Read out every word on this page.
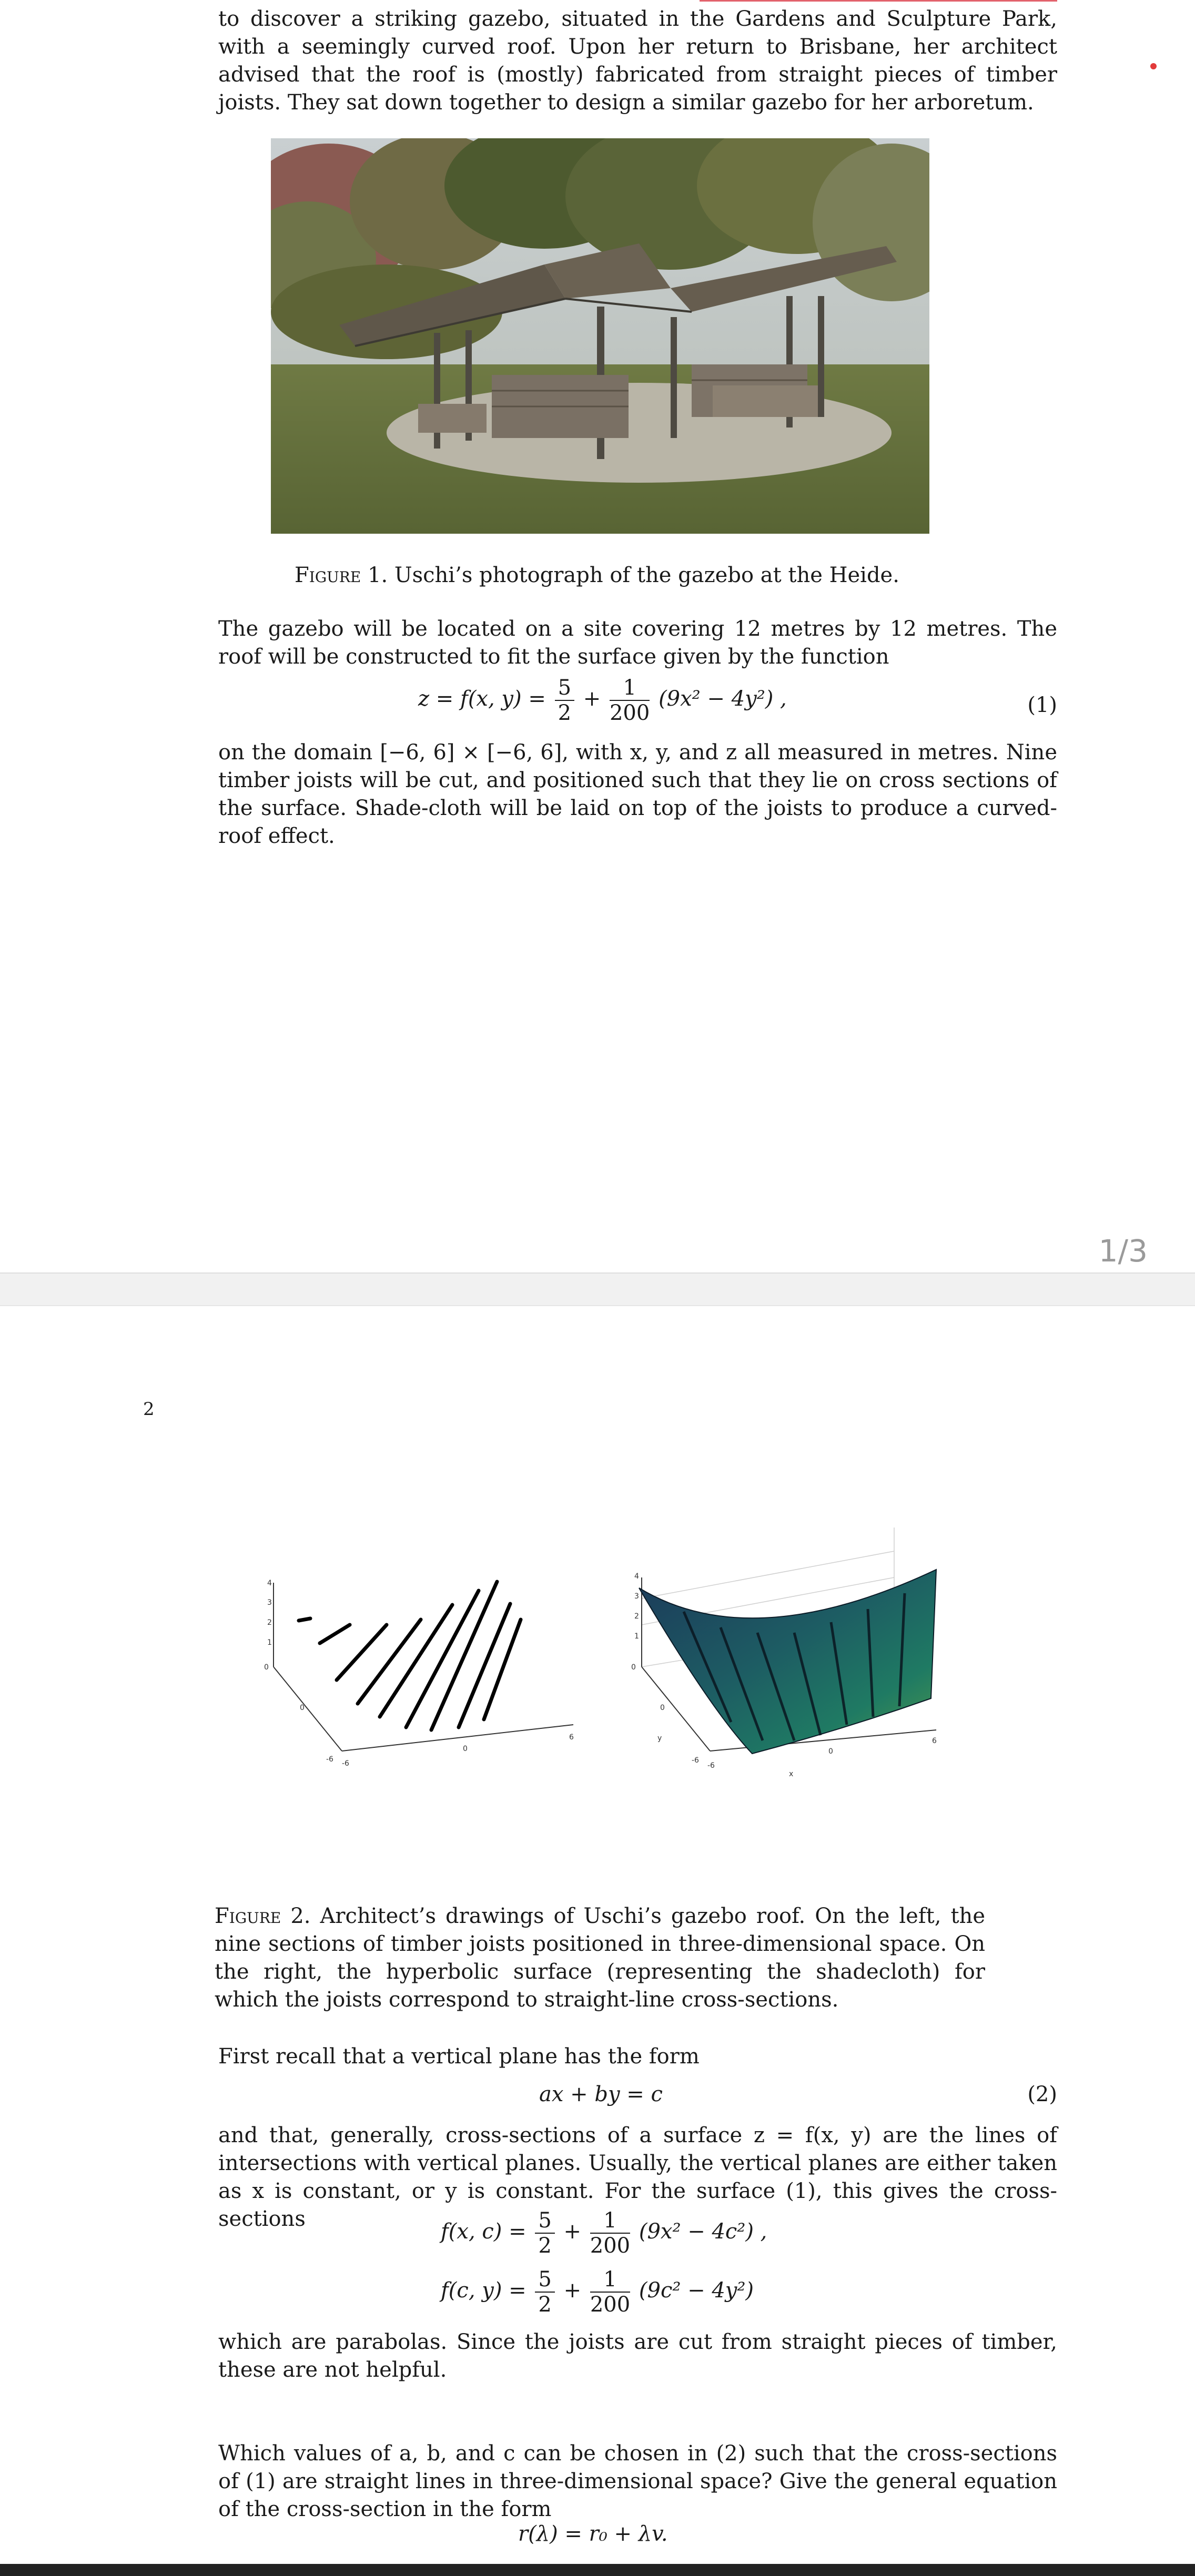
to discover a striking gazebo, situated in the Gardens and Sculpture Park, with a seemingly curved roof. Upon her return to Brisbane, her architect advised that the roof is (mostly) fabricated from straight pieces of timber joists. They sat down together to design a similar gazebo for her arboretum.

Figure 1. Uschi’s photograph of the gazebo at the Heide.

The gazebo will be located on a site covering 12 metres by 12 metres. The roof will be constructed to fit the surface given by the function

z = f(x, $y) = \frac{5}{2} + \frac{1}{200} (9x^2 - 4y^2)$ ,	(1)

on the domain [−6, 6] × [−6, 6], with x, y, and z all measured in metres. Nine timber joists will be cut, and positioned such that they lie on cross sections of the surface. Shade-cloth will be laid on top of the joists to produce a curved-roof effect.

1/3
2
4
3
2
1
0
0
-6 -6
0
6
4
3
2
1
0
0
-6
-6
0
6
y
x
Figure 2. Architect’s drawings of Uschi’s gazebo roof. On the left, the nine sections of timber joists positioned in three-dimensional space. On the right, the hyperbolic surface (representing the shadecloth) for which the joists correspond to straight-line cross-sections.

First recall that a vertical plane has the form

ax + by = c	(2)

and that, generally, cross-sections of a surface z = f(x, y) are the lines of intersections with vertical planes. Usually, the vertical planes are either taken as x is constant, or y is constant. For the surface (1), this gives the cross-sections

f(x, $c) = \frac{5}{2} + \frac{1}{200} (9x^2 - 4c^2)$ ,
f(c, $y) = \frac{5}{2} + \frac{1}{200} (9c^2 - 4y^2)$

which are parabolas. Since the joists are cut from straight pieces of timber, these are not helpful.

Which values of a, b, and c can be chosen in (2) such that the cross-sections of (1) are straight lines in three-dimensional space? Give the general equation of the cross-section in the form

r(λ) = r₀ + λv.
